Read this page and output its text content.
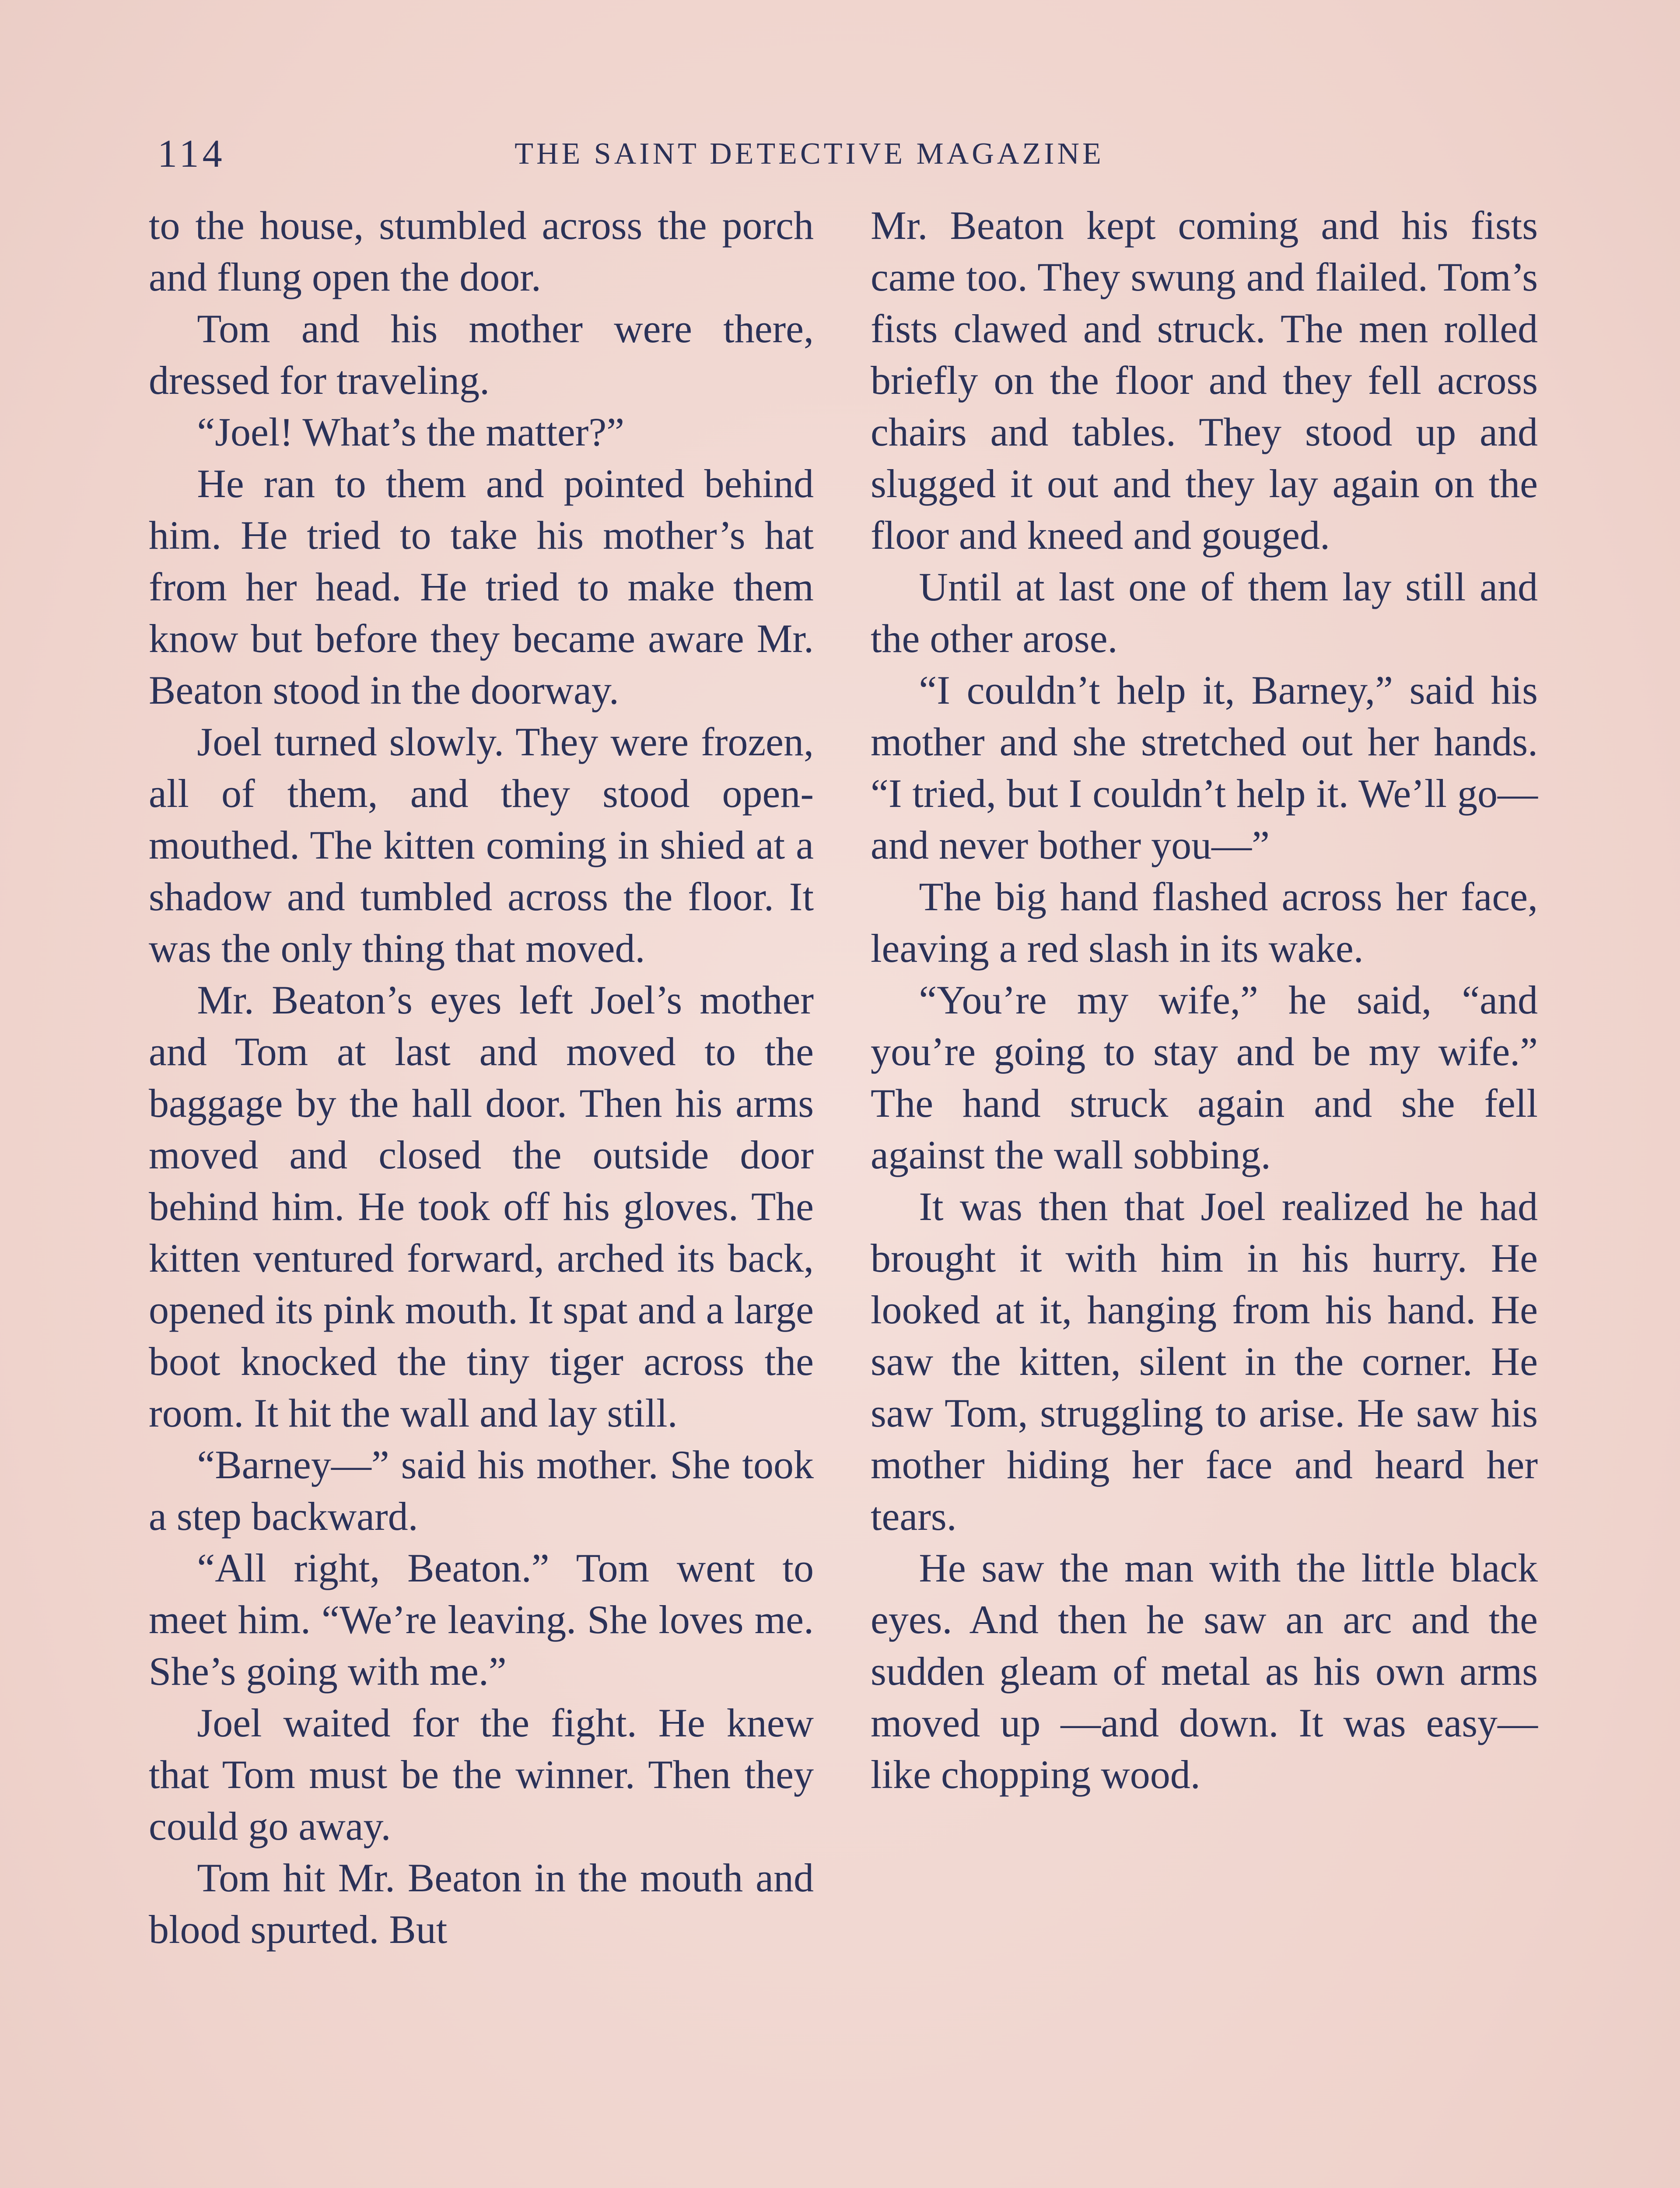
114	THE SAINT DETECTIVE MAGAZINE

to the house, stumbled across the porch and flung open the door.

Tom and his mother were there, dressed for traveling.

“Joel! What’s the matter?”

He ran to them and pointed behind him. He tried to take his mother’s hat from her head. He tried to make them know but before they became aware Mr. Beaton stood in the doorway.

Joel turned slowly. They were frozen, all of them, and they stood open-mouthed. The kitten coming in shied at a shadow and tumbled across the floor. It was the only thing that moved.

Mr. Beaton’s eyes left Joel’s mother and Tom at last and moved to the baggage by the hall door. Then his arms moved and closed the outside door behind him. He took off his gloves. The kitten ventured forward, arched its back, opened its pink mouth. It spat and a large boot knocked the tiny tiger across the room. It hit the wall and lay still.

“Barney—” said his mother. She took a step backward.

“All right, Beaton.” Tom went to meet him. “We’re leaving. She loves me. She’s going with me.”

Joel waited for the fight. He knew that Tom must be the winner. Then they could go away.

Tom hit Mr. Beaton in the mouth and blood spurted. But

Mr. Beaton kept coming and his fists came too. They swung and flailed. Tom’s fists clawed and struck. The men rolled briefly on the floor and they fell across chairs and tables. They stood up and slugged it out and they lay again on the floor and kneed and gouged.

Until at last one of them lay still and the other arose.

“I couldn’t help it, Barney,” said his mother and she stretched out her hands. “I tried, but I couldn’t help it. We’ll go—and never bother you—”

The big hand flashed across her face, leaving a red slash in its wake.

“You’re my wife,” he said, “and you’re going to stay and be my wife.” The hand struck again and she fell against the wall sobbing.

It was then that Joel realized he had brought it with him in his hurry. He looked at it, hanging from his hand. He saw the kitten, silent in the corner. He saw Tom, struggling to arise. He saw his mother hiding her face and heard her tears.

He saw the man with the little black eyes. And then he saw an arc and the sudden gleam of metal as his own arms moved up —and down. It was easy—like chopping wood.
